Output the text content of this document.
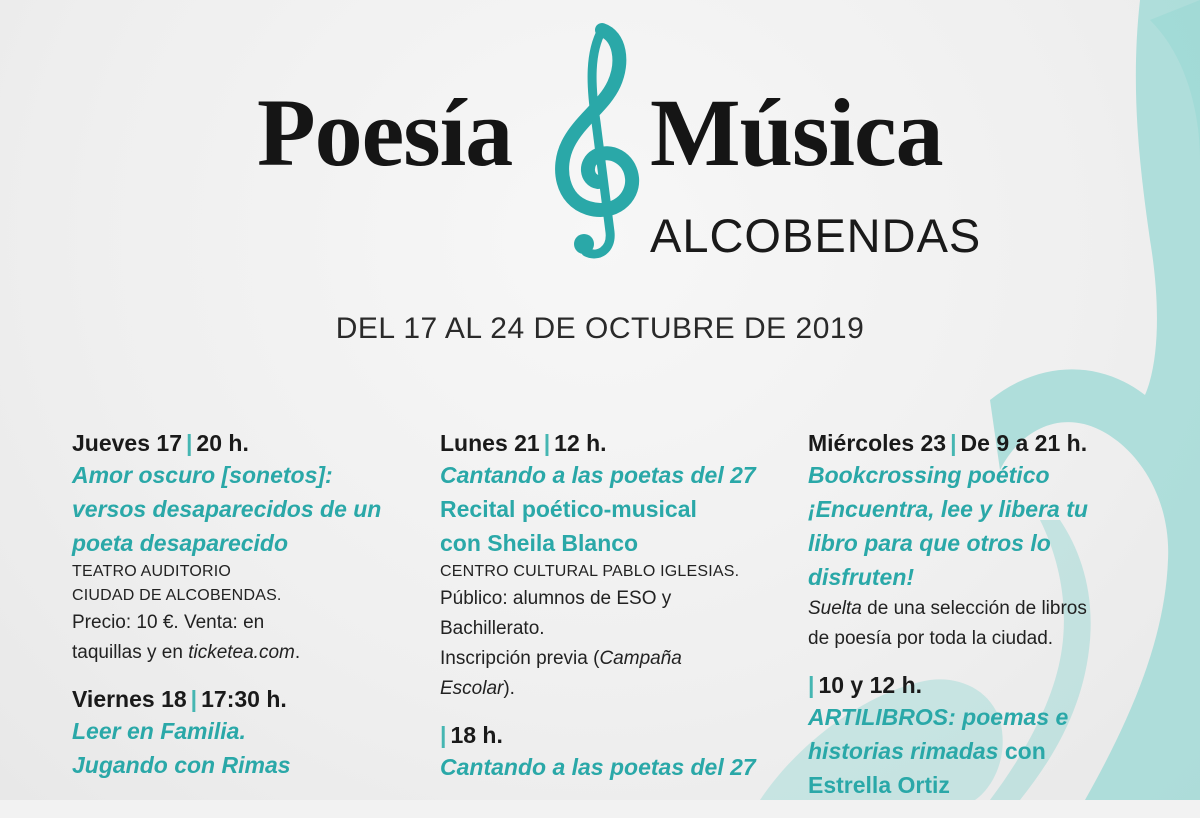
Poesía Música
ALCOBENDAS
DEL 17 AL 24 DE OCTUBRE DE 2019
Jueves 17 | 20 h.
Amor oscuro [sonetos]:
versos desaparecidos de un
poeta desaparecido
TEATRO AUDITORIO
CIUDAD DE ALCOBENDAS.
Precio: 10 €. Venta: en
taquillas y en ticketea.com.
Viernes 18 | 17:30 h.
Leer en Familia.
Jugando con Rimas
Lunes 21 | 12 h.
Cantando a las poetas del 27
Recital poético-musical
con Sheila Blanco
CENTRO CULTURAL PABLO IGLESIAS.
Público: alumnos de ESO y
Bachillerato.
Inscripción previa (Campaña
Escolar).
| 18 h.
Cantando a las poetas del 27
Miércoles 23 | De 9 a 21 h.
Bookcrossing poético
¡Encuentra, lee y libera tu
libro para que otros lo
disfruten!
Suelta de una selección de libros
de poesía por toda la ciudad.
| 10 y 12 h.
ARTILIBROS: poemas e
historias rimadas con
Estrella Ortiz
